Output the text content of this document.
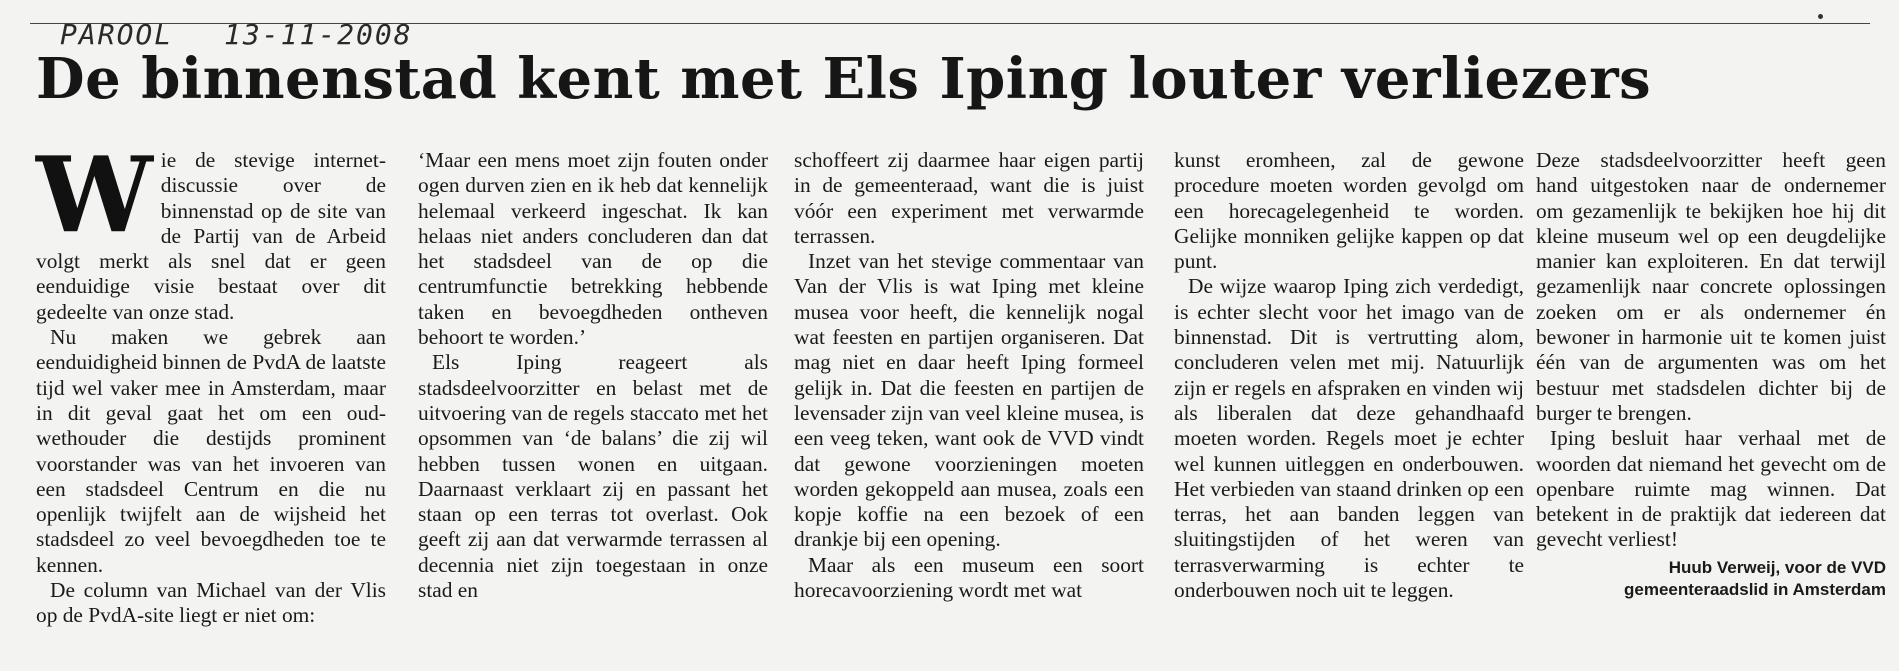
PAROOL 13-11-2008
De binnenstad kent met Els Iping louter verliezers

W ie de stevige internet-discussie over de binnenstad op de site van de Partij van de Arbeid volgt merkt als snel dat er geen eenduidige visie bestaat over dit gedeelte van onze stad.

Nu maken we gebrek aan eenduidigheid binnen de PvdA de laatste tijd wel vaker mee in Amsterdam, maar in dit geval gaat het om een oud-wethouder die destijds prominent voorstander was van het invoeren van een stadsdeel Centrum en die nu openlijk twijfelt aan de wijsheid het stadsdeel zo veel bevoegdheden toe te kennen.

De column van Michael van der Vlis op de PvdA-site liegt er niet om:

‘Maar een mens moet zijn fouten onder ogen durven zien en ik heb dat kennelijk helemaal verkeerd ingeschat. Ik kan helaas niet anders concluderen dan dat het stadsdeel van de op die centrumfunctie betrekking hebbende taken en bevoegdheden ontheven behoort te worden.’

Els Iping reageert als stadsdeelvoorzitter en belast met de uitvoering van de regels staccato met het opsommen van ‘de balans’ die zij wil hebben tussen wonen en uitgaan. Daarnaast verklaart zij en passant het staan op een terras tot overlast. Ook geeft zij aan dat verwarmde terrassen al decennia niet zijn toegestaan in onze stad en

schoffeert zij daarmee haar eigen partij in de gemeenteraad, want die is juist vóór een experiment met verwarmde terrassen.

Inzet van het stevige commentaar van Van der Vlis is wat Iping met kleine musea voor heeft, die kennelijk nogal wat feesten en partijen organiseren. Dat mag niet en daar heeft Iping formeel gelijk in. Dat die feesten en partijen de levensader zijn van veel kleine musea, is een veeg teken, want ook de VVD vindt dat gewone voorzieningen moeten worden gekoppeld aan musea, zoals een kopje koffie na een bezoek of een drankje bij een opening.

Maar als een museum een soort horecavoorziening wordt met wat

kunst eromheen, zal de gewone procedure moeten worden gevolgd om een horecagelegenheid te worden. Gelijke monniken gelijke kappen op dat punt.

De wijze waarop Iping zich verdedigt, is echter slecht voor het imago van de binnenstad. Dit is vertrutting alom, concluderen velen met mij. Natuurlijk zijn er regels en afspraken en vinden wij als liberalen dat deze gehandhaafd moeten worden. Regels moet je echter wel kunnen uitleggen en onderbouwen. Het verbieden van staand drinken op een terras, het aan banden leggen van sluitingstijden of het weren van terrasverwarming is echter te onderbouwen noch uit te leggen.

Deze stadsdeelvoorzitter heeft geen hand uitgestoken naar de ondernemer om gezamenlijk te bekijken hoe hij dit kleine museum wel op een deugdelijke manier kan exploiteren. En dat terwijl gezamenlijk naar concrete oplossingen zoeken om er als ondernemer én bewoner in harmonie uit te komen juist één van de argumenten was om het bestuur met stadsdelen dichter bij de burger te brengen.

Iping besluit haar verhaal met de woorden dat niemand het gevecht om de openbare ruimte mag winnen. Dat betekent in de praktijk dat iedereen dat gevecht verliest!

Huub Verweij, voor de VVD
gemeenteraadslid in Amsterdam
